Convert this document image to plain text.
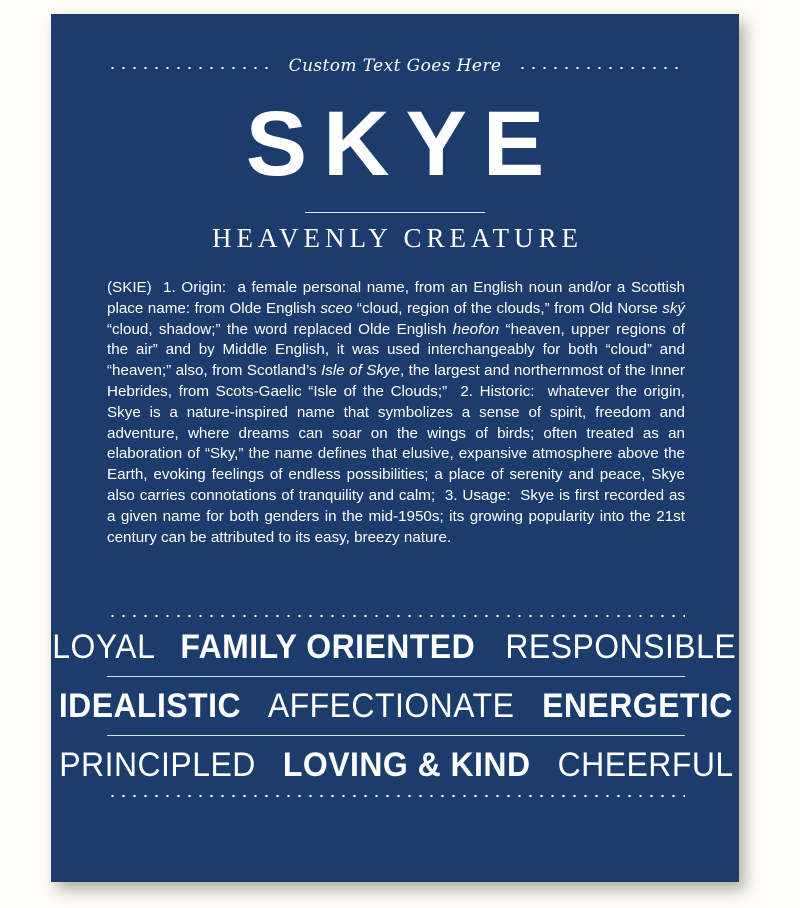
Custom Text Goes Here
SKYE
HEAVENLY CREATURE
(SKIE)  1. Origin:  a female personal name, from an English noun and/or a Scottish place name: from Olde English sceo “cloud, region of the clouds,” from Old Norse ský “cloud, shadow;” the word replaced Olde English heofon “heaven, upper regions of the air” and by Middle English, it was used interchangeably for both “cloud” and “heaven;” also, from Scotland’s Isle of Skye, the largest and northernmost of the Inner Hebrides, from Scots-Gaelic “Isle of the Clouds;”  2. Historic:  whatever the origin, Skye is a nature-inspired name that symbolizes a sense of spirit, freedom and adventure, where dreams can soar on the wings of birds; often treated as an elaboration of “Sky,” the name defines that elusive, expansive atmosphere above the Earth, evoking feelings of endless possibilities; a place of serenity and peace, Skye also carries connotations of tranquility and calm;  3. Usage:  Skye is first recorded as a given name for both genders in the mid-1950s; its growing popularity into the 21st century can be attributed to its easy, breezy nature.
LOYAL FAMILY ORIENTED RESPONSIBLE
IDEALISTIC AFFECTIONATE ENERGETIC
PRINCIPLED LOVING & KIND CHEERFUL
